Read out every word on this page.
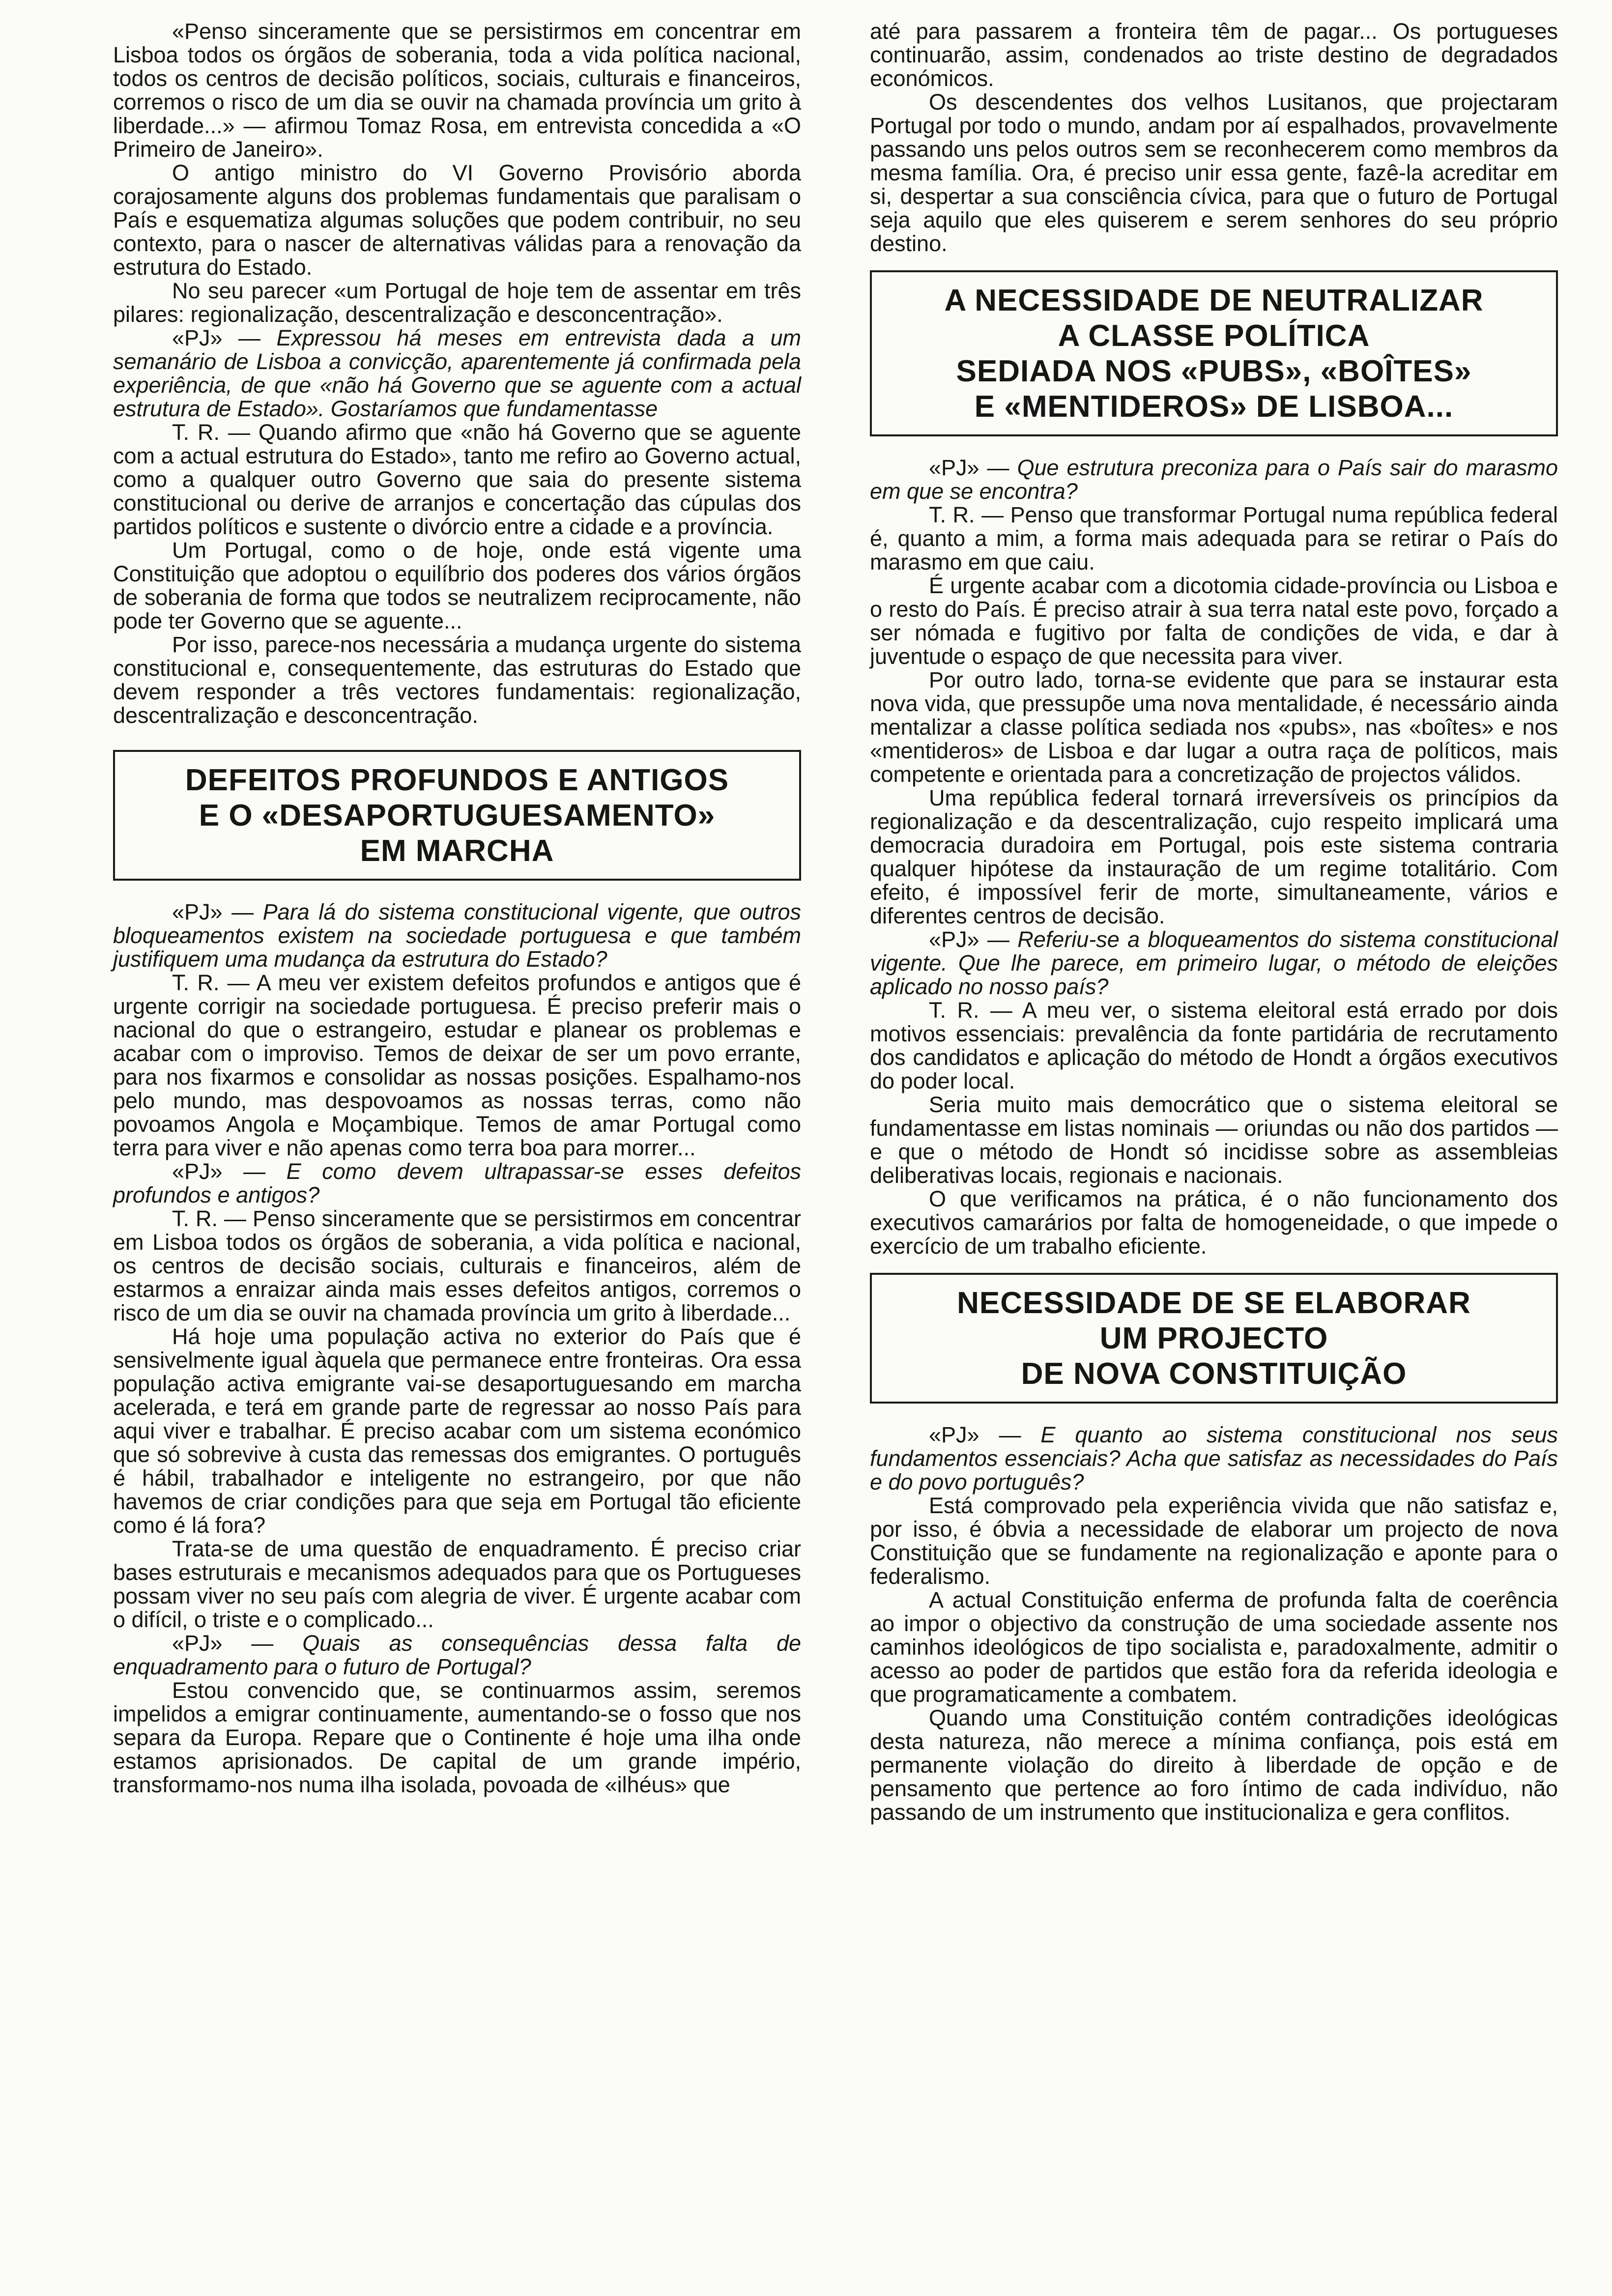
«Penso sinceramente que se persistirmos em concentrar em Lisboa todos os órgãos de soberania, toda a vida política nacional, todos os centros de decisão políticos, sociais, culturais e financeiros, corremos o risco de um dia se ouvir na chamada província um grito à liberdade...» — afirmou Tomaz Rosa, em entrevista concedida a «O Primeiro de Janeiro».

O antigo ministro do VI Governo Provisório aborda corajosamente alguns dos problemas fundamentais que paralisam o País e esquematiza algumas soluções que podem contribuir, no seu contexto, para o nascer de alternativas válidas para a renovação da estrutura do Estado.

No seu parecer «um Portugal de hoje tem de assentar em três pilares: regionalização, descentralização e desconcentração».

«PJ» — Expressou há meses em entrevista dada a um semanário de Lisboa a convicção, aparentemente já confirmada pela experiência, de que «não há Governo que se aguente com a actual estrutura de Estado». Gostaríamos que fundamentasse

T. R. — Quando afirmo que «não há Governo que se aguente com a actual estrutura do Estado», tanto me refiro ao Governo actual, como a qualquer outro Governo que saia do presente sistema constitucional ou derive de arranjos e concertação das cúpulas dos partidos políticos e sustente o divórcio entre a cidade e a província.

Um Portugal, como o de hoje, onde está vigente uma Constituição que adoptou o equilíbrio dos poderes dos vários órgãos de soberania de forma que todos se neutralizem reciprocamente, não pode ter Governo que se aguente...

Por isso, parece-nos necessária a mudança urgente do sistema constitucional e, consequentemente, das estruturas do Estado que devem responder a três vectores fundamentais: regionalização, descentralização e desconcentração.

DEFEITOS PROFUNDOS E ANTIGOS
E O «DESAPORTUGUESAMENTO»
EM MARCHA

«PJ» — Para lá do sistema constitucional vigente, que outros bloqueamentos existem na sociedade portuguesa e que também justifiquem uma mudança da estrutura do Estado?

T. R. — A meu ver existem defeitos profundos e antigos que é urgente corrigir na sociedade portuguesa. É preciso preferir mais o nacional do que o estrangeiro, estudar e planear os problemas e acabar com o improviso. Temos de deixar de ser um povo errante, para nos fixarmos e consolidar as nossas posições. Espalhamo-nos pelo mundo, mas despovoamos as nossas terras, como não povoamos Angola e Moçambique. Temos de amar Portugal como terra para viver e não apenas como terra boa para morrer...

«PJ» — E como devem ultrapassar-se esses defeitos profundos e antigos?

T. R. — Penso sinceramente que se persistirmos em concentrar em Lisboa todos os órgãos de soberania, a vida política e nacional, os centros de decisão sociais, culturais e financeiros, além de estarmos a enraizar ainda mais esses defeitos antigos, corremos o risco de um dia se ouvir na chamada província um grito à liberdade...

Há hoje uma população activa no exterior do País que é sensivelmente igual àquela que permanece entre fronteiras. Ora essa população activa emigrante vai-se desaportuguesando em marcha acelerada, e terá em grande parte de regressar ao nosso País para aqui viver e trabalhar. É preciso acabar com um sistema económico que só sobrevive à custa das remessas dos emigrantes. O português é hábil, trabalhador e inteligente no estrangeiro, por que não havemos de criar condições para que seja em Portugal tão eficiente como é lá fora?

Trata-se de uma questão de enquadramento. É preciso criar bases estruturais e mecanismos adequados para que os Portugueses possam viver no seu país com alegria de viver. É urgente acabar com o difícil, o triste e o complicado...

«PJ» — Quais as consequências dessa falta de enquadramento para o futuro de Portugal?

Estou convencido que, se continuarmos assim, seremos impelidos a emigrar continuamente, aumentando-se o fosso que nos separa da Europa. Repare que o Continente é hoje uma ilha onde estamos aprisionados. De capital de um grande império, transformamo-nos numa ilha isolada, povoada de «ilhéus» que

até para passarem a fronteira têm de pagar... Os portugueses continuarão, assim, condenados ao triste destino de degradados económicos.

Os descendentes dos velhos Lusitanos, que projectaram Portugal por todo o mundo, andam por aí espalhados, provavelmente passando uns pelos outros sem se reconhecerem como membros da mesma família. Ora, é preciso unir essa gente, fazê-la acreditar em si, despertar a sua consciência cívica, para que o futuro de Portugal seja aquilo que eles quiserem e serem senhores do seu próprio destino.

A NECESSIDADE DE NEUTRALIZAR
A CLASSE POLÍTICA
SEDIADA NOS «PUBS», «BOÎTES»
E «MENTIDEROS» DE LISBOA...

«PJ» — Que estrutura preconiza para o País sair do marasmo em que se encontra?

T. R. — Penso que transformar Portugal numa república federal é, quanto a mim, a forma mais adequada para se retirar o País do marasmo em que caiu.

É urgente acabar com a dicotomia cidade-província ou Lisboa e o resto do País. É preciso atrair à sua terra natal este povo, forçado a ser nómada e fugitivo por falta de condições de vida, e dar à juventude o espaço de que necessita para viver.

Por outro lado, torna-se evidente que para se instaurar esta nova vida, que pressupõe uma nova mentalidade, é necessário ainda mentalizar a classe política sediada nos «pubs», nas «boîtes» e nos «mentideros» de Lisboa e dar lugar a outra raça de políticos, mais competente e orientada para a concretização de projectos válidos.

Uma república federal tornará irreversíveis os princípios da regionalização e da descentralização, cujo respeito implicará uma democracia duradoira em Portugal, pois este sistema contraria qualquer hipótese da instauração de um regime totalitário. Com efeito, é impossível ferir de morte, simultaneamente, vários e diferentes centros de decisão.

«PJ» — Referiu-se a bloqueamentos do sistema constitucional vigente. Que lhe parece, em primeiro lugar, o método de eleições aplicado no nosso país?

T. R. — A meu ver, o sistema eleitoral está errado por dois motivos essenciais: prevalência da fonte partidária de recrutamento dos candidatos e aplicação do método de Hondt a órgãos executivos do poder local.

Seria muito mais democrático que o sistema eleitoral se fundamentasse em listas nominais — oriundas ou não dos partidos — e que o método de Hondt só incidisse sobre as assembleias deliberativas locais, regionais e nacionais.

O que verificamos na prática, é o não funcionamento dos executivos camarários por falta de homogeneidade, o que impede o exercício de um trabalho eficiente.

NECESSIDADE DE SE ELABORAR
UM PROJECTO
DE NOVA CONSTITUIÇÃO

«PJ» — E quanto ao sistema constitucional nos seus fundamentos essenciais? Acha que satisfaz as necessidades do País e do povo português?

Está comprovado pela experiência vivida que não satisfaz e, por isso, é óbvia a necessidade de elaborar um projecto de nova Constituição que se fundamente na regionalização e aponte para o federalismo.

A actual Constituição enferma de profunda falta de coerência ao impor o objectivo da construção de uma sociedade assente nos caminhos ideológicos de tipo socialista e, paradoxalmente, admitir o acesso ao poder de partidos que estão fora da referida ideologia e que programaticamente a combatem.

Quando uma Constituição contém contradições ideológicas desta natureza, não merece a mínima confiança, pois está em permanente violação do direito à liberdade de opção e de pensamento que pertence ao foro íntimo de cada indivíduo, não passando de um instrumento que institucionaliza e gera conflitos.
